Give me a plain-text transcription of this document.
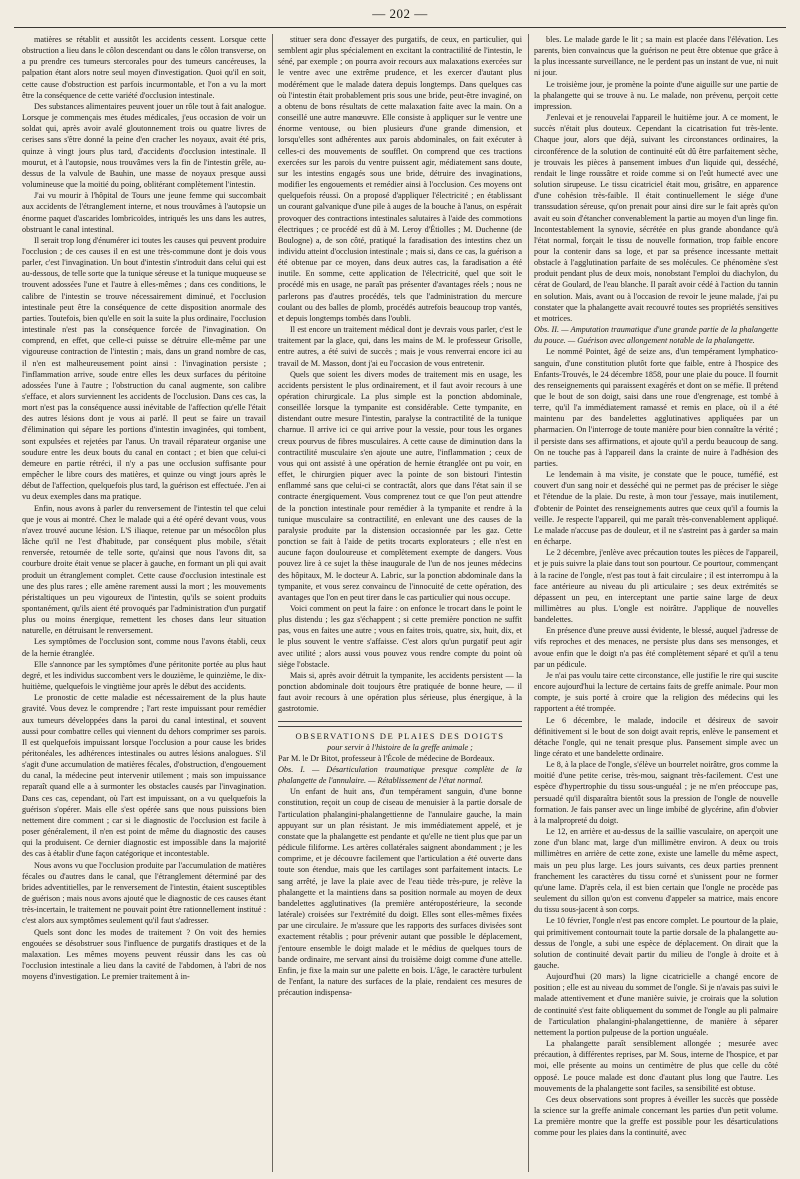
— 202 —

matières se rétablit et aussitôt les accidents cessent. Lorsque cette obstruction a lieu dans le côlon descendant ou dans le côlon transverse, on a pu prendre ces tumeurs stercorales pour des tumeurs cancéreuses, la palpation étant alors notre seul moyen d'investigation. Quoi qu'il en soit, cette cause d'obstruction est parfois incurmontable, et l'on a vu la mort être la conséquence de cette variété d'occlusion intestinale.

Des substances alimentaires peuvent jouer un rôle tout à fait analogue. Lorsque je commençais mes études médicales, j'eus occasion de voir un soldat qui, après avoir avalé gloutonnement trois ou quatre livres de cerises sans s'être donné la peine d'en cracher les noyaux, avait été pris, quinze à vingt jours plus tard, d'accidents d'occlusion intestinale. Il mourut, et à l'autopsie, nous trouvâmes vers la fin de l'intestin grêle, au-dessus de la valvule de Bauhin, une masse de noyaux presque aussi volumineuse que la moitié du poing, oblitérant complètement l'intestin.

J'ai vu mourir à l'hôpital de Tours une jeune femme qui succombait aux accidents de l'étranglement interne, et nous trouvâmes à l'autopsie un énorme paquet d'ascarides lombricoïdes, intriqués les uns dans les autres, obstruant le canal intestinal.

Il serait trop long d'énumérer ici toutes les causes qui peuvent produire l'occlusion ; de ces causes il en est une très-commune dont je dois vous parler, c'est l'invagination. Un bout d'intestin s'introduit dans celui qui est au-dessous, de telle sorte que la tunique séreuse et la tunique muqueuse se trouvent adossées l'une et l'autre à elles-mêmes ; dans ces conditions, le calibre de l'intestin se trouve nécessairement diminué, et l'occlusion intestinale peut être la conséquence de cette disposition anormale des parties. Toutefois, bien qu'elle en soit la suite la plus ordinaire, l'occlusion intestinale n'est pas la conséquence forcée de l'invagination. On comprend, en effet, que celle-ci puisse se détruire elle-même par une vigoureuse contraction de l'intestin ; mais, dans un grand nombre de cas, il n'en est malheureusement point ainsi : l'invagination persiste ; l'inflammation arrive, soude entre elles les deux surfaces du péritoine adossées l'une à l'autre ; l'obstruction du canal augmente, son calibre s'efface, et alors surviennent les accidents de l'occlusion. Dans ces cas, la mort n'est pas la conséquence aussi inévitable de l'affection qu'elle l'était des autres lésions dont je vous ai parlé. Il peut se faire un travail d'élimination qui sépare les portions d'intestin invaginées, qui tombent, sont expulsées et rejetées par l'anus. Un travail réparateur organise une soudure entre les deux bouts du canal en contact ; et bien que celui-ci demeure en partie rétréci, il n'y a pas une occlusion suffisante pour empêcher le libre cours des matières, et quinze ou vingt jours après le début de l'affection, quelquefois plus tard, la guérison est effectuée. J'en ai vu deux exemples dans ma pratique.

Enfin, nous avons à parler du renversement de l'intestin tel que celui que je vous ai montré. Chez le malade qui a été opéré devant vous, vous n'avez trouvé aucune lésion. L'S iliaque, retenue par un mésocôlon plus lâche qu'il ne l'est d'habitude, par conséquent plus mobile, s'était renversée, retournée de telle sorte, qu'ainsi que nous l'avons dit, sa courbure droite était venue se placer à gauche, en formant un pli qui avait produit un étranglement complet. Cette cause d'occlusion intestinale est une des plus rares ; elle amène rarement aussi la mort ; les mouvements péristaltiques un peu vigoureux de l'intestin, qu'ils se soient produits spontanément, qu'ils aient été provoqués par l'administration d'un purgatif plus ou moins énergique, remettent les choses dans leur situation naturelle, en détruisant le renversement.

Les symptômes de l'occlusion sont, comme nous l'avons établi, ceux de la hernie étranglée.

Elle s'annonce par les symptômes d'une péritonite portée au plus haut degré, et les individus succombent vers le douzième, le quinzième, le dix-huitième, quelquefois le vingtième jour après le début des accidents.

Le pronostic de cette maladie est nécessairement de la plus haute gravité. Vous devez le comprendre ; l'art reste impuissant pour remédier aux tumeurs développées dans la paroi du canal intestinal, et souvent aussi pour combattre celles qui viennent du dehors comprimer ses parois. Il est quelquefois impuissant lorsque l'occlusion a pour cause les brides péritonéales, les adhérences intestinales ou autres lésions analogues. S'il s'agit d'une accumulation de matières fécales, d'obstruction, d'engouement du canal, la médecine peut intervenir utilement ; mais son impuissance reparaît quand elle a à surmonter les obstacles causés par l'invagination. Dans ces cas, cependant, où l'art est impuissant, on a vu quelquefois la guérison s'opérer. Mais elle s'est opérée sans que nous puissions bien nettement dire comment ; car si le diagnostic de l'occlusion est facile à poser généralement, il n'en est point de même du diagnostic des causes qui la produisent. Ce dernier diagnostic est impossible dans la majorité des cas à établir d'une façon catégorique et incontestable.

Nous avons vu que l'occlusion produite par l'accumulation de matières fécales ou d'autres dans le canal, que l'étranglement déterminé par des brides adventitielles, par le renversement de l'intestin, étaient susceptibles de guérison ; mais nous avons ajouté que le diagnostic de ces causes étant très-incertain, le traitement ne pouvait point être rationnellement institué : c'est alors aux symptômes seulement qu'il faut s'adresser.

Quels sont donc les modes de traitement ? On voit des hernies engouées se désobstruer sous l'influence de purgatifs drastiques et de la malaxation. Les mêmes moyens peuvent réussir dans les cas où l'occlusion intestinale a lieu dans la cavité de l'abdomen, à l'abri de nos moyens d'investigation. Le premier traitement à in-

stituer sera donc d'essayer des purgatifs, de ceux, en particulier, qui semblent agir plus spécialement en excitant la contractilité de l'intestin, le séné, par exemple ; on pourra avoir recours aux malaxations exercées sur le ventre avec une extrême prudence, et les exercer d'autant plus modérément que le malade datera depuis longtemps. Dans quelques cas où l'intestin était probablement pris sous une bride, peut-être invaginé, on a obtenu de bons résultats de cette malaxation faite avec la main. On a conseillé une autre manœuvre. Elle consiste à appliquer sur le ventre une énorme ventouse, ou bien plusieurs d'une grande dimension, et lorsqu'elles sont adhérentes aux parois abdominales, on fait exécuter à celles-ci des mouvements de soufflet. On comprend que ces tractions exercées sur les parois du ventre puissent agir, médiatement sans doute, sur les intestins engagés sous une bride, détruire des invaginations, modifier les engouements et remédier ainsi à l'occlusion. Ces moyens ont quelquefois réussi. On a proposé d'appliquer l'électricité ; en établissant un courant galvanique d'une pile à auges de la bouche à l'anus, on espérait provoquer des contractions intestinales salutaires à l'aide des commotions électriques ; ce procédé est dû à M. Leroy d'Étiolles ; M. Duchenne (de Boulogne) a, de son côté, pratiqué la faradisation des intestins chez un individu atteint d'occlusion intestinale ; mais si, dans ce cas, la guérison a été obtenue par ce moyen, dans deux autres cas, la faradisation a été inutile. En somme, cette application de l'électricité, quel que soit le procédé mis en usage, ne paraît pas présenter d'avantages réels ; nous ne parlerons pas d'autres procédés, tels que l'administration du mercure coulant ou des balles de plomb, procédés autrefois beaucoup trop vantés, et depuis longtemps tombés dans l'oubli.

Il est encore un traitement médical dont je devrais vous parler, c'est le traitement par la glace, qui, dans les mains de M. le professeur Grisolle, entre autres, a été suivi de succès ; mais je vous renverrai encore ici au travail de M. Masson, dont j'ai eu l'occasion de vous entretenir.

Quels que soient les divers modes de traitement mis en usage, les accidents persistent le plus ordinairement, et il faut avoir recours à une opération chirurgicale. La plus simple est la ponction abdominale, conseillée lorsque la tympanite est considérable. Cette tympanite, en distendant outre mesure l'intestin, paralyse la contractilité de la tunique charnue. Il arrive ici ce qui arrive pour la vessie, pour tous les organes creux pourvus de fibres musculaires. A cette cause de diminution dans la contractilité musculaire s'en ajoute une autre, l'inflammation ; ceux de vous qui ont assisté à une opération de hernie étranglée ont pu voir, en effet, le chirurgien piquer avec la pointe de son bistouri l'intestin enflammé sans que celui-ci se contractât, alors que dans l'état sain il se contracte énergiquement. Vous comprenez tout ce que l'on peut attendre de la ponction intestinale pour remédier à la tympanite et rendre à la tunique musculaire sa contractilité, en enlevant une des causes de la paralysie produite par la distension occasionnée par les gaz. Cette ponction se fait à l'aide de petits trocarts explorateurs ; elle n'est en aucune façon douloureuse et complètement exempte de dangers. Vous pouvez lire à ce sujet la thèse inaugurale de l'un de nos jeunes médecins des hôpitaux, M. le docteur A. Labric, sur la ponction abdominale dans la tympanite, et vous serez convaincu de l'innocuité de cette opération, des avantages que l'on en peut tirer dans le cas particulier qui nous occupe.

Voici comment on peut la faire : on enfonce le trocart dans le point le plus distendu ; les gaz s'échappent ; si cette première ponction ne suffit pas, vous en faites une autre ; vous en faites trois, quatre, six, huit, dix, et le plus souvent le ventre s'affaisse. C'est alors qu'un purgatif peut agir avec utilité ; alors aussi vous pouvez vous rendre compte du point où siège l'obstacle.

Mais si, après avoir détruit la tympanite, les accidents persistent — la ponction abdominale doit toujours être pratiquée de bonne heure, — il faut avoir recours à une opération plus sérieuse, plus énergique, à la gastrotomie.

OBSERVATIONS DE PLAIES DES DOIGTS

pour servir à l'histoire de la greffe animale ;

Par M. le Dr Bitot, professeur à l'École de médecine de Bordeaux.

Obs. I. — Désarticulation traumatique presque complète de la phalangette de l'annulaire. — Rétablissement de l'état normal.

Un enfant de huit ans, d'un tempérament sanguin, d'une bonne constitution, reçoit un coup de ciseau de menuisier à la partie dorsale de l'articulation phalangini-phalangettienne de l'annulaire gauche, la main appuyant sur un plan résistant. Je mis immédiatement appelé, et je constate que la phalangette est pendante et qu'elle ne tient plus que par un pédicule filiforme. Les artères collatérales saignent abondamment ; je les comprime, et je découvre facilement que l'articulation a été ouverte dans toute son étendue, mais que les cartilages sont parfaitement intacts. Le sang arrêté, je lave la plaie avec de l'eau tiède très-pure, je relève la phalangette et la maintiens dans sa position normale au moyen de deux bandelettes agglutinatives (la première antéropostérieure, la seconde latérale) croisées sur l'extrémité du doigt. Elles sont elles-mêmes fixées par une circulaire. Je m'assure que les rapports des surfaces divisées sont exactement rétablis ; pour prévenir autant que possible le déplacement, j'entoure ensemble le doigt malade et le médius de quelques tours de bande ordinaire, me servant ainsi du troisième doigt comme d'une attelle. Enfin, je fixe la main sur une palette en bois. L'âge, le caractère turbulent de l'enfant, la nature des surfaces de la plaie, rendaient ces mesures de précaution indispensa-

bles. Le malade garde le lit ; sa main est placée dans l'élévation. Les parents, bien convaincus que la guérison ne peut être obtenue que grâce à la plus incessante surveillance, ne le perdent pas un instant de vue, ni nuit ni jour.

Le troisième jour, je promène la pointe d'une aiguille sur une partie de la phalangette qui se trouve à nu. Le malade, non prévenu, perçoit cette impression.

J'enlevai et je renouvelai l'appareil le huitième jour. A ce moment, le succès n'était plus douteux. Cependant la cicatrisation fut très-lente. Chaque jour, alors que déjà, suivant les circonstances ordinaires, la circonférence de la solution de continuité eût dû être parfaitement sèche, je trouvais les pièces à pansement imbues d'un liquide qui, desséché, rendait le linge roussâtre et roide comme si on l'eût humecté avec une solution sirupeuse. Le tissu cicatriciel était mou, grisâtre, en apparence d'une cohésion très-faible. Il était continuellement le siége d'une transsudation séreuse, qu'on prenait pour ainsi dire sur le fait après qu'on avait eu soin d'étancher convenablement la partie au moyen d'un linge fin. Incontestablement la synovie, sécrétée en plus grande abondance qu'à l'état normal, forçait le tissu de nouvelle formation, trop faible encore pour la contenir dans sa loge, et par sa présence incessante mettait obstacle à l'agglutination parfaite de ses molécules. Ce phénomène s'est produit pendant plus de deux mois, nonobstant l'emploi du diachylon, du cérat de Goulard, de l'eau blanche. Il paraît avoir cédé à l'action du tannin en solution. Mais, avant ou à l'occasion de revoir le jeune malade, j'ai pu constater que la phalangette avait recouvré toutes ses propriétés sensitives et motrices.

Obs. II. — Amputation traumatique d'une grande partie de la phalangette du pouce. — Guérison avec allongement notable de la phalangette.

Le nommé Pointet, âgé de seize ans, d'un tempérament lymphatico-sanguin, d'une constitution plutôt forte que faible, entre à l'hospice des Enfants-Trouvés, le 24 décembre 1858, pour une plaie du pouce. Il fournit des renseignements qui paraissent exagérés et dont on se méfie. Il prétend que le bout de son doigt, saisi dans une roue d'engrenage, est tombé à terre, qu'il l'a immédiatement ramassé et remis en place, où il a été maintenu par des bandelettes agglutinatives appliquées par un pharmacien. On l'interroge de toute manière pour bien connaître la vérité ; il persiste dans ses affirmations, et ajoute qu'il a perdu beaucoup de sang. On ne touche pas à l'appareil dans la crainte de nuire à l'adhésion des parties.

Le lendemain à ma visite, je constate que le pouce, tuméfié, est couvert d'un sang noir et desséché qui ne permet pas de préciser le siège et l'étendue de la plaie. Du reste, à mon tour j'essaye, mais inutilement, d'obtenir de Pointet des renseignements autres que ceux qu'il a fournis la veille. Je respecte l'appareil, qui me paraît très-convenablement appliqué. Le malade n'accuse pas de douleur, et il ne s'astreint pas à garder sa main en écharpe.

Le 2 décembre, j'enlève avec précaution toutes les pièces de l'appareil, et je puis suivre la plaie dans tout son pourtour. Ce pourtour, commençant à la racine de l'ongle, n'est pas tout à fait circulaire ; il est interrompu à la face antérieure au niveau du pli articulaire ; ses deux extrémités se dépassent un peu, en interceptant une partie saine large de deux millimètres au plus. L'ongle est noirâtre. J'applique de nouvelles bandelettes.

En présence d'une preuve aussi évidente, le blessé, auquel j'adresse de vifs reproches et des menaces, ne persiste plus dans ses mensonges, et avoue enfin que le doigt n'a pas été complètement séparé et qu'il a tenu par un pédicule.

Je n'ai pas voulu taire cette circonstance, elle justifie le rire qui suscite encore aujourd'hui la lecture de certains faits de greffe animale. Pour mon compte, je suis porté à croire que la religion des médecins qui les rapportent a été trompée.

Le 6 décembre, le malade, indocile et désireux de savoir définitivement si le bout de son doigt avait repris, enlève le pansement et détache l'ongle, qui ne tenait presque plus. Pansement simple avec un linge cérato et une bandelette ordinaire.

Le 8, à la place de l'ongle, s'élève un bourrelet noirâtre, gros comme la moitié d'une petite cerise, très-mou, saignant très-facilement. C'est une espèce d'hypertrophie du tissu sous-unguéal ; je ne m'en préoccupe pas, persuadé qu'il disparaîtra bientôt sous la pression de l'ongle de nouvelle formation. Je fais panser avec un linge imbibé de glycérine, afin d'obvier à la malpropreté du doigt.

Le 12, en arrière et au-dessus de la saillie vasculaire, on aperçoit une zone d'un blanc mat, large d'un millimètre environ. A deux ou trois millimètres en arrière de cette zone, existe une lamelle du même aspect, mais un peu plus large. Les jours suivants, ces deux parties prennent franchement les caractères du tissu corné et s'unissent pour ne former qu'une lame. D'après cela, il est bien certain que l'ongle ne procède pas seulement du sillon qu'on est convenu d'appeler sa matrice, mais encore du tissu sous-jacent à son corps.

Le 10 février, l'ongle n'est pas encore complet. Le pourtour de la plaie, qui primitivement contournait toute la partie dorsale de la phalangette au-dessus de l'ongle, a subi une espèce de déplacement. On dirait que la solution de continuité devait partir du milieu de l'ongle à droite et à gauche.

Aujourd'hui (20 mars) la ligne cicatricielle a changé encore de position ; elle est au niveau du sommet de l'ongle. Si je n'avais pas suivi le malade attentivement et d'une manière suivie, je croirais que la solution de continuité s'est faite obliquement du sommet de l'ongle au pli palmaire de l'articulation phalangini-phalangettienne, de manière à séparer nettement la portion pulpeuse de la portion unguéale.

La phalangette paraît sensiblement allongée ; mesurée avec précaution, à différentes reprises, par M. Sous, interne de l'hospice, et par moi, elle présente au moins un centimètre de plus que celle du côté opposé. Le pouce malade est donc d'autant plus long que l'autre. Les mouvements de la phalangette sont faciles, sa sensibilité est obtuse.

Ces deux observations sont propres à éveiller les succès que possède la science sur la greffe animale concernant les parties d'un petit volume. La première montre que la greffe est possible pour les désarticulations comme pour les plaies dans la continuité, avec
